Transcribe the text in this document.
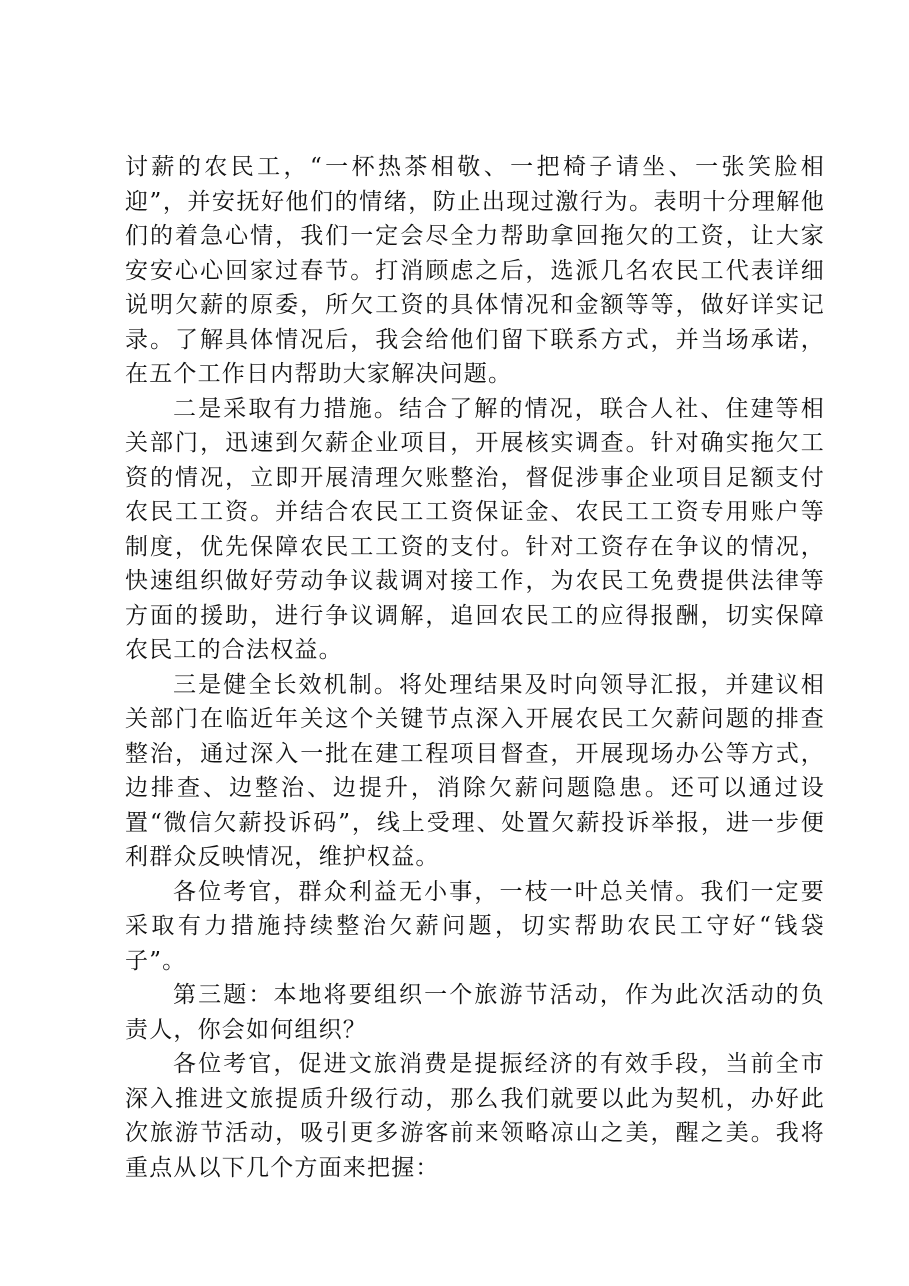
讨薪的农民工，“一杯热茶相敬、一把椅子请坐、一张笑脸相迎”，并安抚好他们的情绪，防止出现过激行为。表明十分理解他们的着急心情，我们一定会尽全力帮助拿回拖欠的工资，让大家安安心心回家过春节。打消顾虑之后，选派几名农民工代表详细说明欠薪的原委，所欠工资的具体情况和金额等等，做好详实记录。了解具体情况后，我会给他们留下联系方式，并当场承诺，在五个工作日内帮助大家解决问题。

二是采取有力措施。结合了解的情况，联合人社、住建等相关部门，迅速到欠薪企业项目，开展核实调查。针对确实拖欠工资的情况，立即开展清理欠账整治，督促涉事企业项目足额支付农民工工资。并结合农民工工资保证金、农民工工资专用账户等制度，优先保障农民工工资的支付。针对工资存在争议的情况，快速组织做好劳动争议裁调对接工作，为农民工免费提供法律等方面的援助，进行争议调解，追回农民工的应得报酬，切实保障农民工的合法权益。

三是健全长效机制。将处理结果及时向领导汇报，并建议相关部门在临近年关这个关键节点深入开展农民工欠薪问题的排查整治，通过深入一批在建工程项目督查，开展现场办公等方式，边排查、边整治、边提升，消除欠薪问题隐患。还可以通过设置“微信欠薪投诉码”，线上受理、处置欠薪投诉举报，进一步便利群众反映情况，维护权益。

各位考官，群众利益无小事，一枝一叶总关情。我们一定要采取有力措施持续整治欠薪问题，切实帮助农民工守好“钱袋子”。

第三题：本地将要组织一个旅游节活动，作为此次活动的负责人，你会如何组织？

各位考官，促进文旅消费是提振经济的有效手段，当前全市深入推进文旅提质升级行动，那么我们就要以此为契机，办好此次旅游节活动，吸引更多游客前来领略凉山之美，醒之美。我将重点从以下几个方面来把握：
